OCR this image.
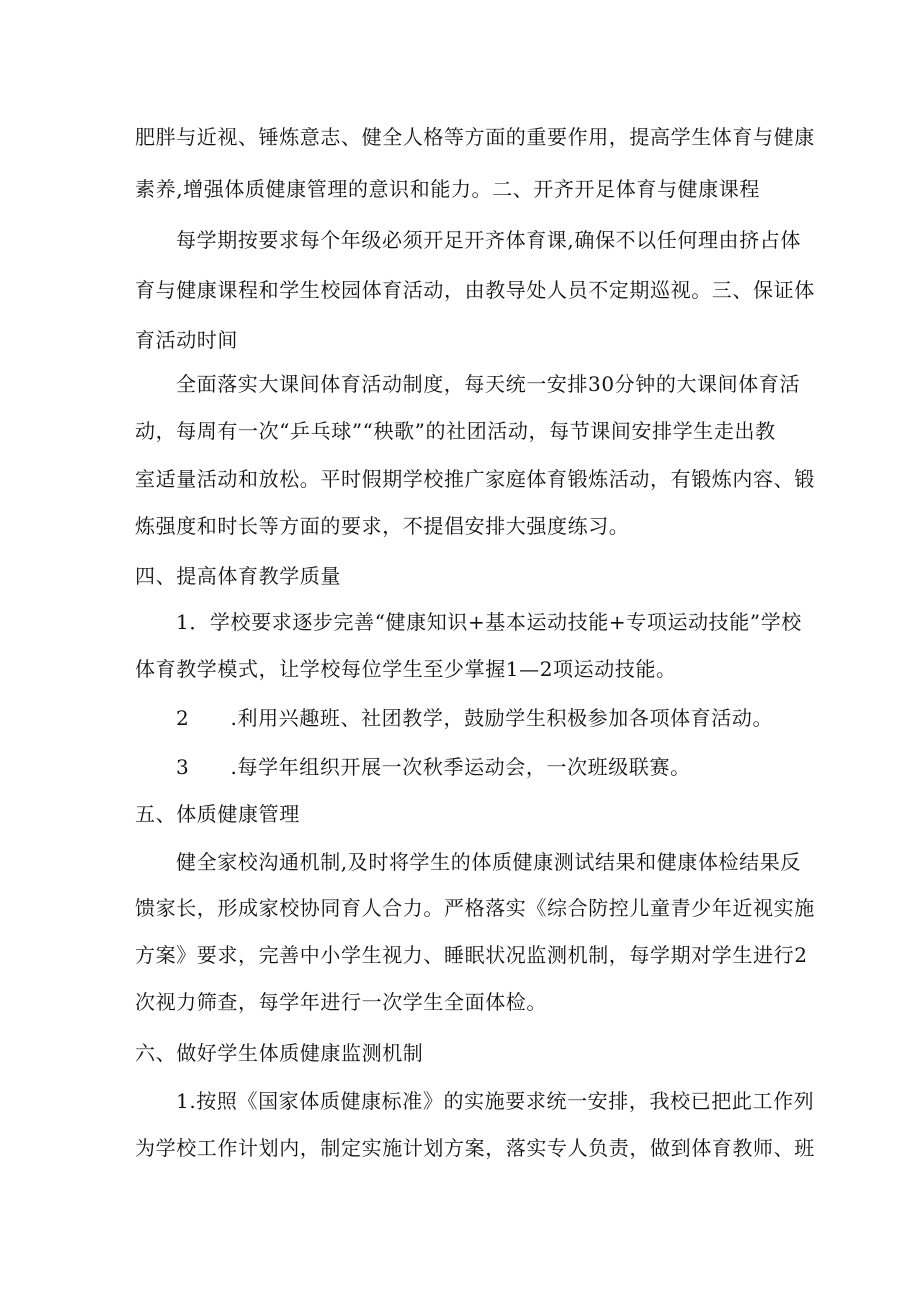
肥胖与近视、锤炼意志、健全人格等方面的重要作用，提高学生体育与健康
素养,增强体质健康管理的意识和能力。二、开齐开足体育与健康课程
每学期按要求每个年级必须开足开齐体育课,确保不以任何理由挤占体
育与健康课程和学生校园体育活动，由教导处人员不定期巡视。三、保证体
育活动时间
全面落实大课间体育活动制度，每天统一安排30分钟的大课间体育活
动，每周有一次“乒乓球”“秧歌”的社团活动，每节课间安排学生走出教
室适量活动和放松。平时假期学校推广家庭体育锻炼活动，有锻炼内容、锻
炼强度和时长等方面的要求，不提倡安排大强度练习。
四、提高体育教学质量
1．学校要求逐步完善“健康知识+基本运动技能+专项运动技能”学校
体育教学模式，让学校每位学生至少掌握1—2项运动技能。
2　　.利用兴趣班、社团教学，鼓励学生积极参加各项体育活动。
3　　.每学年组织开展一次秋季运动会，一次班级联赛。
五、体质健康管理
健全家校沟通机制,及时将学生的体质健康测试结果和健康体检结果反
馈家长，形成家校协同育人合力。严格落实《综合防控儿童青少年近视实施
方案》要求，完善中小学生视力、睡眠状况监测机制，每学期对学生进行2
次视力筛查，每学年进行一次学生全面体检。
六、做好学生体质健康监测机制
1.按照《国家体质健康标准》的实施要求统一安排，我校已把此工作列
为学校工作计划内，制定实施计划方案，落实专人负责，做到体育教师、班
